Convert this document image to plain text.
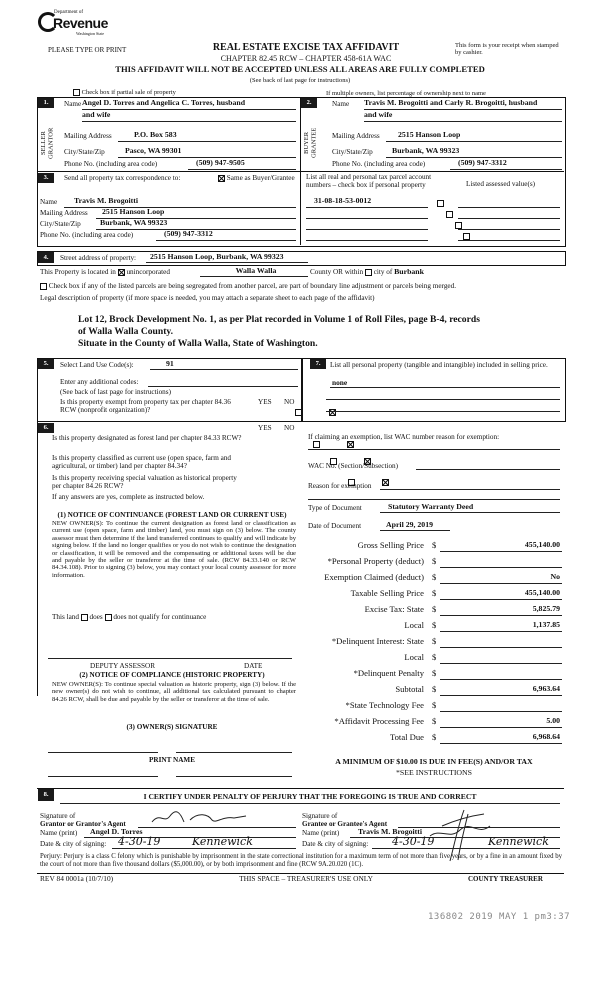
Department of
Revenue
Washington State
PLEASE TYPE OR PRINT	REAL ESTATE EXCISE TAX AFFIDAVIT
CHAPTER 82.45 RCW – CHAPTER 458-61A WAC
This form is your receipt when stamped by cashier.
THIS AFFIDAVIT WILL NOT BE ACCEPTED UNLESS ALL AREAS ARE FULLY COMPLETED
(See back of last page for instructions)
Check box if partial sale of property	If multiple owners, list percentage of ownership next to name
1.
SELLER GRANTOR
Name Angel D. Torres and Angelica C. Torres, husband
and wife
Mailing Address	P.O. Box 583
City/State/Zip	Pasco, WA 99301
Phone No. (including area code)	(509) 947-9505
2.
BUYER GRANTEE
Name Travis M. Brogoitti and Carly R. Brogoitti, husband
and wife
Mailing Address 2515 Hanson Loop
City/State/Zip Burbank, WA 99323
Phone No. (including area code)	(509) 947-3312
3.	Send all property tax correspondence to:	Same as Buyer/Grantee List all real and personal tax parcel account numbers – check box if personal property	Listed assessed value(s)
Name Travis M. Brogoitti
Mailing Address 2515 Hanson Loop
City/State/Zip Burbank, WA 99323
Phone No. (including area code)	(509) 947-3312
31-08-18-53-0012

4.	Street address of property: 2515 Hanson Loop, Burbank, WA 99323
This Property is located in unincorporated	Walla Walla	County OR within city of Burbank
Check box if any of the listed parcels are being segregated from another parcel, are part of boundary line adjustment or parcels being merged.
Legal description of property (if more space is needed, you may attach a separate sheet to each page of the affidavit)
Lot 12, Brock Development No. 1, as per Plat recorded in Volume 1 of Roll Files, page B-4, records
of Walla Walla County.
Situate in the County of Walla Walla, State of Washington.
5.	Select Land Use Code(s):	91
Enter any additional codes:
(See back of last page for instructions)
YES NO
Is this property exempt from property tax per chapter 84.36 RCW (nonprofit organization)?

6.	YES NO
Is this property designated as forest land per chapter 84.33 RCW?

Is this property classified as current use (open space, farm and agricultural, or timber) land per chapter 84.34?

Is this property receiving special valuation as historical property per chapter 84.26 RCW?

If any answers are yes, complete as instructed below.
(1) NOTICE OF CONTINUANCE (FOREST LAND OR CURRENT USE)
NEW OWNER(S): To continue the current designation as forest land or classification as current use (open space, farm and timber) land, you must sign on (3) below. The county assessor must then determine if the land transferred continues to qualify and will indicate by signing below. If the land no longer qualifies or you do not wish to continue the designation or classification, it will be removed and the compensating or additional taxes will be due and payable by the seller or transferor at the time of sale. (RCW 84.33.140 or RCW 84.34.108). Prior to signing (3) below, you may contact your local county assessor for more information.
This land does does not qualify for continuance
DEPUTY ASSESSOR	DATE
(2) NOTICE OF COMPLIANCE (HISTORIC PROPERTY)
NEW OWNER(S): To continue special valuation as historic property, sign (3) below. If the new owner(s) do not wish to continue, all additional tax calculated pursuant to chapter 84.26 RCW, shall be due and payable by the seller or transferor at the time of sale.
(3) OWNER(S) SIGNATURE
PRINT NAME
7.	List all personal property (tangible and intangible) included in selling price.
none
If claiming an exemption, list WAC number reason for exemption:
WAC No. (Section/Subsection)
Reason for exemption
Type of Document	Statutory Warranty Deed
Date of Document	April 29, 2019
Gross Selling Price $	455,140.00
*Personal Property (deduct) $
Exemption Claimed (deduct) $	No
Taxable Selling Price $	455,140.00
Excise Tax: State $	5,825.79
Local $	1,137.85
*Delinquent Interest: State $
Local $
*Delinquent Penalty $
Subtotal $	6,963.64
*State Technology Fee $
*Affidavit Processing Fee $	5.00
Total Due $	6,968.64
A MINIMUM OF $10.00 IS DUE IN FEE(S) AND/OR TAX
*SEE INSTRUCTIONS
8.	I CERTIFY UNDER PENALTY OF PERJURY THAT THE FOREGOING IS TRUE AND CORRECT
Signature of
Grantor or Grantor's Agent
Name (print) Angel D. Torres
Date & city of signing: 4-30-19	Kennewick
Signature of
Grantee or Grantee's Agent
Name (print) Travis M. Brogoitti
Date & city of signing: 4-30-19	Kennewick
Perjury: Perjury is a class C felony which is punishable by imprisonment in the state correctional institution for a maximum term of not more than five years, or by a fine in an amount fixed by the court of not more than five thousand dollars ($5,000.00), or by both imprisonment and fine (RCW 9A.20.020 (1C).
REV 84 0001a (10/7/10)	THIS SPACE – TREASURER'S USE ONLY	COUNTY TREASURER
136802 2019 MAY 1 pm3:37
